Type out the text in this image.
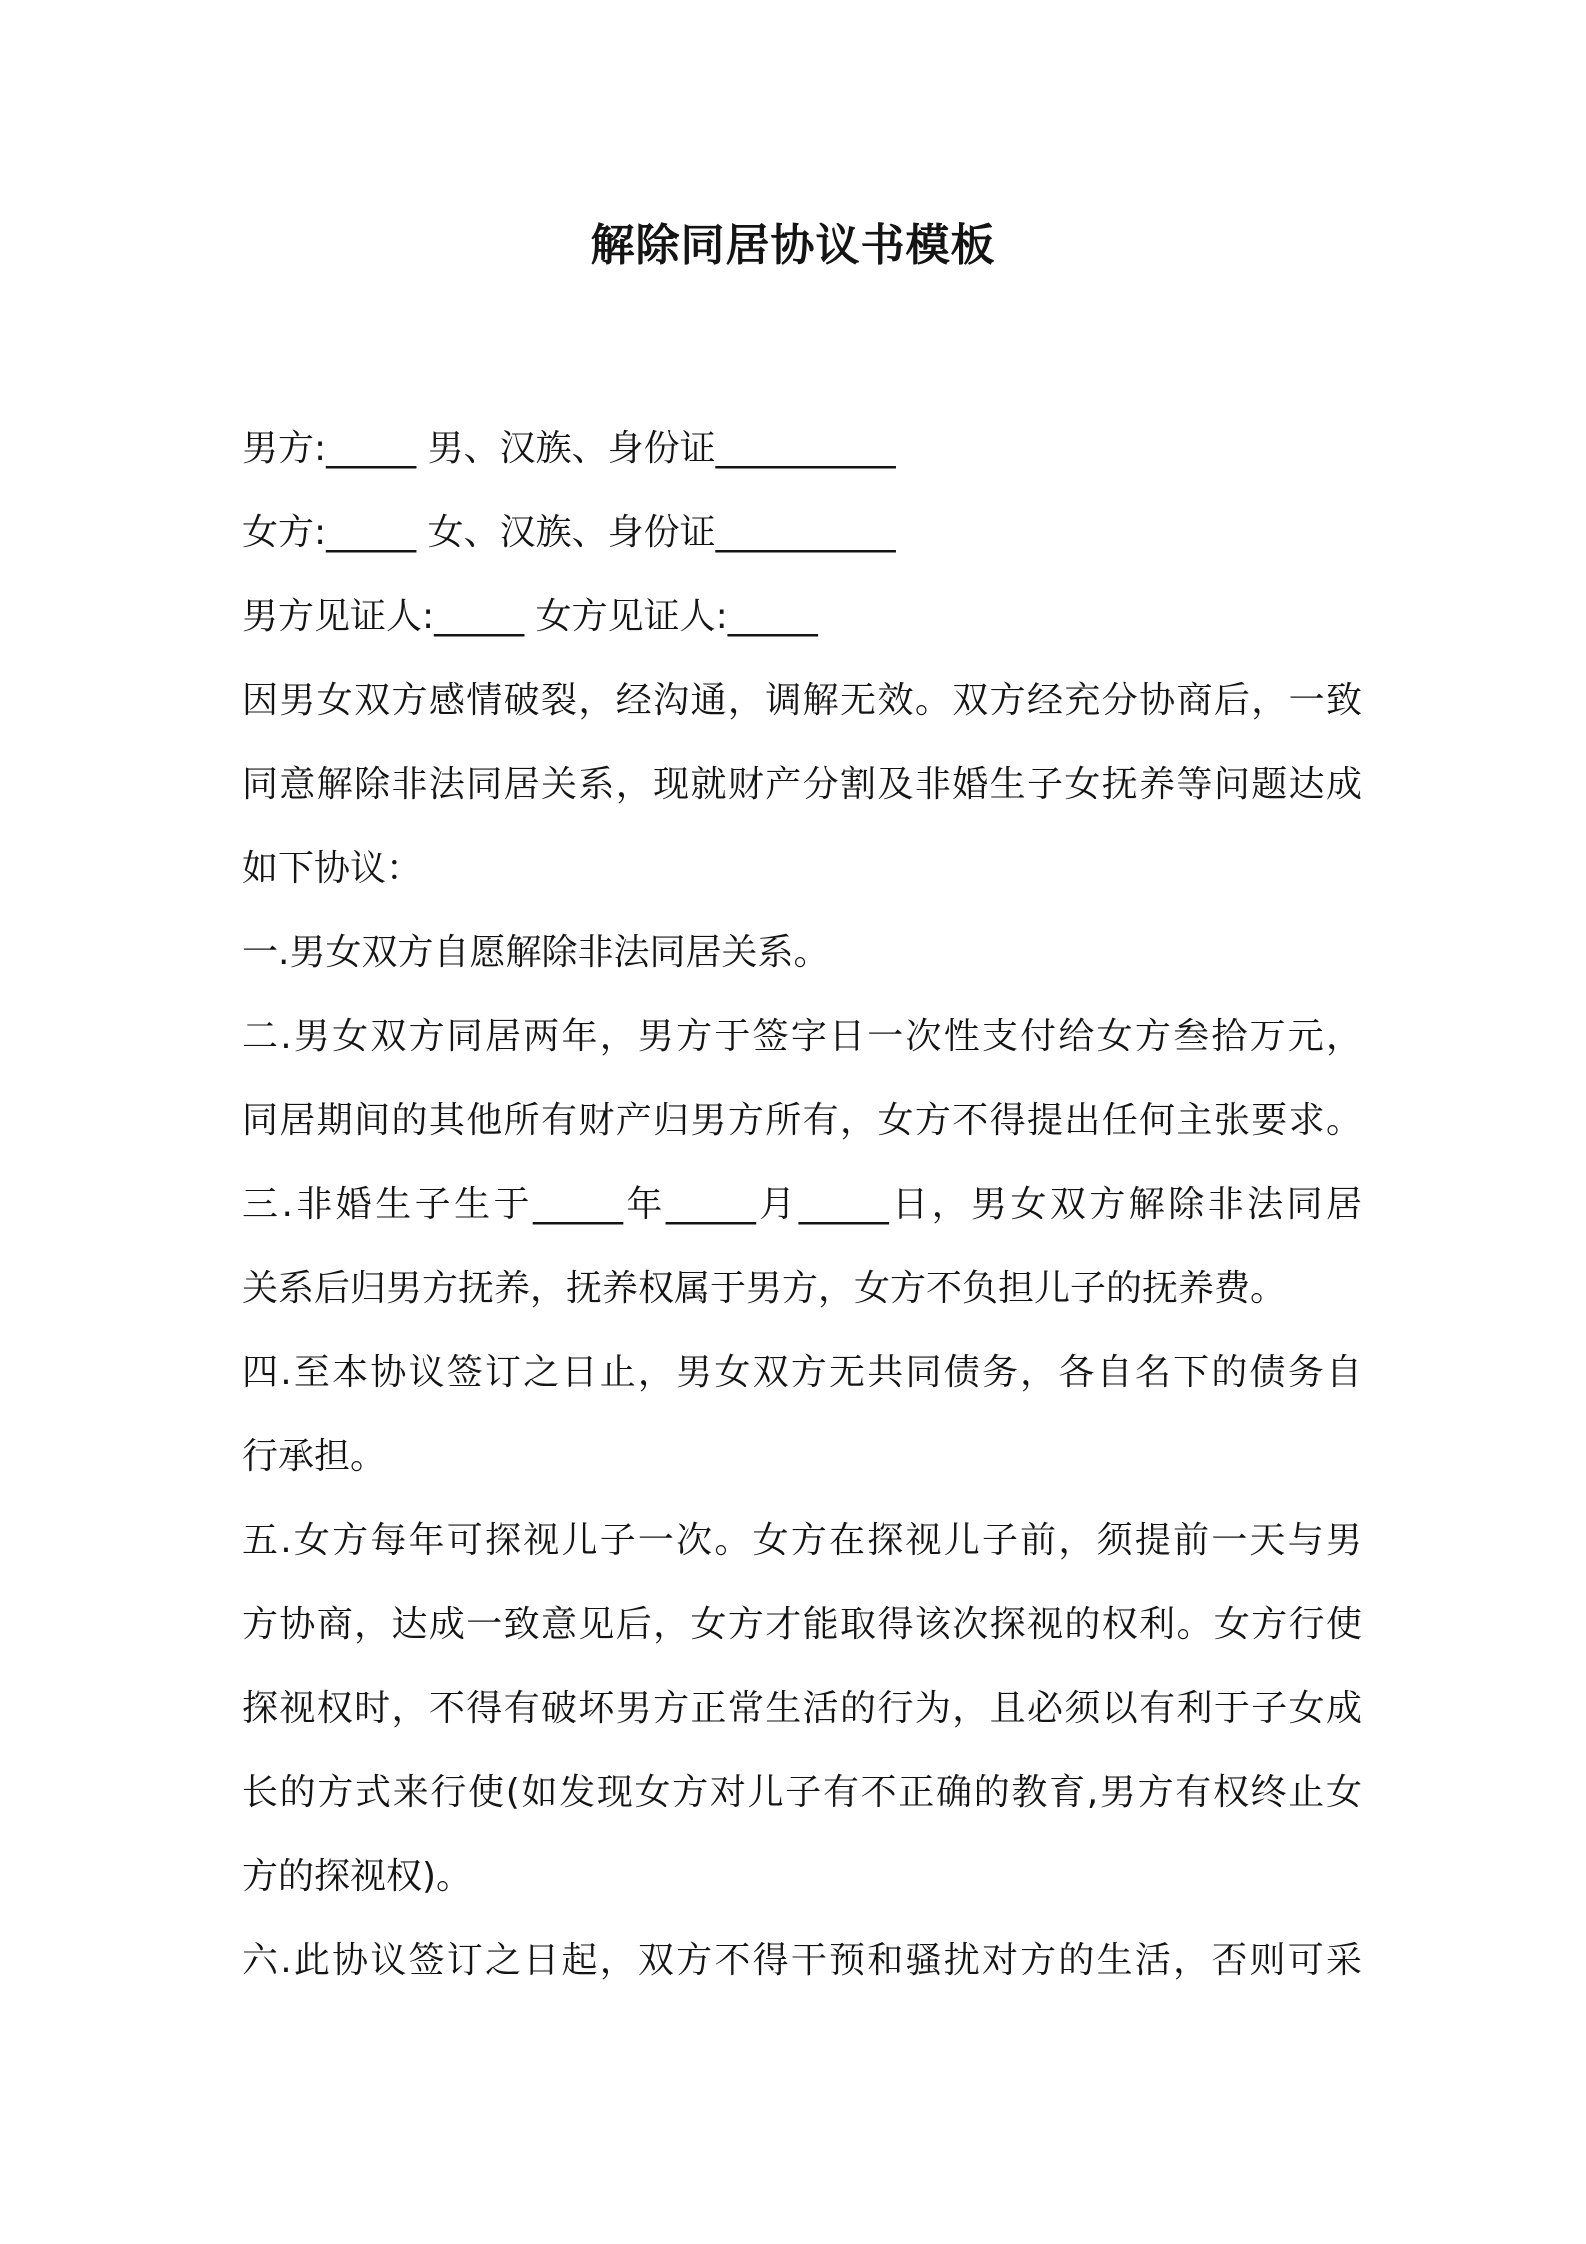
解除同居协议书模板
男方:_____ 男、汉族、身份证__________
女方:_____ 女、汉族、身份证__________
男方见证人:_____ 女方见证人:_____
因男女双方感情破裂，经沟通，调解无效。双方经充分协商后，一致
同意解除非法同居关系，现就财产分割及非婚生子女抚养等问题达成
如下协议：
一.男女双方自愿解除非法同居关系。
二.男女双方同居两年，男方于签字日一次性支付给女方叁拾万元，
同居期间的其他所有财产归男方所有，女方不得提出任何主张要求。
三.非婚生子生于_____年_____月_____日，男女双方解除非法同居
关系后归男方抚养，抚养权属于男方，女方不负担儿子的抚养费。
四.至本协议签订之日止，男女双方无共同债务，各自名下的债务自
行承担。
五.女方每年可探视儿子一次。女方在探视儿子前，须提前一天与男
方协商，达成一致意见后，女方才能取得该次探视的权利。女方行使
探视权时，不得有破坏男方正常生活的行为，且必须以有利于子女成
长的方式来行使(如发现女方对儿子有不正确的教育,男方有权终止女
方的探视权)。
六.此协议签订之日起，双方不得干预和骚扰对方的生活，否则可采
